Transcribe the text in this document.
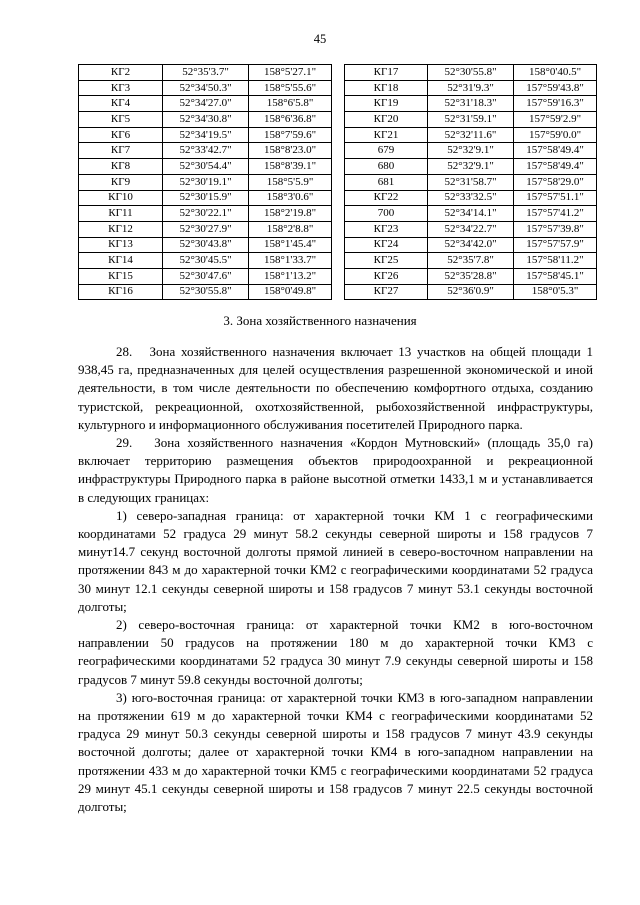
45
КГ2	52°35'3.7"	158°5'27.1"
КГ3	52°34'50.3"	158°5'55.6"
КГ4	52°34'27.0"	158°6'5.8"
КГ5	52°34'30.8"	158°6'36.8"
КГ6	52°34'19.5"	158°7'59.6"
КГ7	52°33'42.7"	158°8'23.0"
КГ8	52°30'54.4"	158°8'39.1"
КГ9	52°30'19.1"	158°5'5.9"
КГ10	52°30'15.9"	158°3'0.6"
КГ11	52°30'22.1"	158°2'19.8"
КГ12	52°30'27.9"	158°2'8.8"
КГ13	52°30'43.8"	158°1'45.4"
КГ14	52°30'45.5"	158°1'33.7"
КГ15	52°30'47.6"	158°1'13.2"
КГ16	52°30'55.8"	158°0'49.8"
КГ17	52°30'55.8"	158°0'40.5"
КГ18	52°31'9.3"	157°59'43.8"
КГ19	52°31'18.3"	157°59'16.3"
КГ20	52°31'59.1"	157°59'2.9"
КГ21	52°32'11.6"	157°59'0.0"
679	52°32'9.1"	157°58'49.4"
680	52°32'9.1"	157°58'49.4"
681	52°31'58.7"	157°58'29.0"
КГ22	52°33'32.5"	157°57'51.1"
700	52°34'14.1"	157°57'41.2"
КГ23	52°34'22.7"	157°57'39.8"
КГ24	52°34'42.0"	157°57'57.9"
КГ25	52°35'7.8"	157°58'11.2"
КГ26	52°35'28.8"	157°58'45.1"
КГ27	52°36'0.9"	158°0'5.3"
3. Зона хозяйственного назначения

28.   Зона хозяйственного назначения включает 13 участков на общей площади 1 938,45 га, предназначенных для целей осуществления разрешенной экономической и иной деятельности, в том числе деятельности по обеспечению комфортного отдыха, созданию туристской, рекреационной, охотхозяйственной, рыбохозяйственной инфраструктуры, культурного и информационного обслуживания посетителей Природного парка.

29.   Зона хозяйственного назначения «Кордон Мутновский» (площадь 35,0 га) включает территорию размещения объектов природоохранной и рекреационной инфраструктуры Природного парка в районе высотной отметки 1433,1 м и устанавливается в следующих границах:

1) северо-западная граница: от характерной точки КМ 1 с географическими координатами 52 градуса 29 минут 58.2 секунды северной широты и 158 градусов 7 минут14.7 секунд восточной долготы прямой линией в северо-восточном направлении на протяжении 843 м до характерной точки КМ2 с географическими координатами 52 градуса 30 минут 12.1 секунды северной широты и 158 градусов 7 минут 53.1 секунды восточной долготы;

2) северо-восточная граница: от характерной точки КМ2 в юго-восточном направлении 50 градусов на протяжении 180 м до характерной точки КМ3 с географическими координатами 52 градуса 30 минут 7.9 секунды северной широты и 158 градусов 7 минут 59.8 секунды восточной долготы;

3) юго-восточная граница: от характерной точки КМ3 в юго-западном направлении на протяжении 619 м до характерной точки КМ4 с географическими координатами 52 градуса 29 минут 50.3 секунды северной широты и 158 градусов 7 минут 43.9 секунды восточной долготы; далее от характерной точки КМ4 в юго-западном направлении на протяжении 433 м до характерной точки КМ5 с географическими координатами 52 градуса 29 минут 45.1 секунды северной широты и 158 градусов 7 минут 22.5 секунды восточной долготы;
